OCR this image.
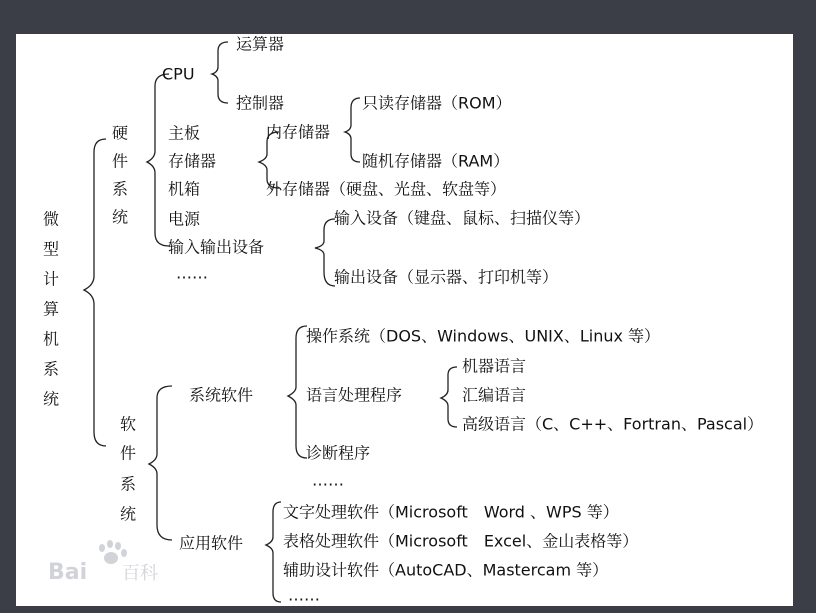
微
型
计
算
机
系
统
硬
件
系
统
CPU
主板
存储器
机箱
电源
输入输出设备
……
运算器
控制器
内存储器
外存储器（硬盘、光盘、软盘等）
只读存储器（ROM）
随机存储器（RAM）
输入设备（键盘、鼠标、扫描仪等）
输出设备（显示器、打印机等）
软
件
系
统
系统软件
操作系统（DOS、Windows、UNIX、Linux 等）
语言处理程序
诊断程序
……
机器语言
汇编语言
高级语言（C、C++、Fortran、Pascal）
应用软件
文字处理软件（Microsoft　Word 、WPS 等）
表格处理软件（Microsoft　Excel、金山表格等）
辅助设计软件（AutoCAD、Mastercam 等）
……
Bai 百科
